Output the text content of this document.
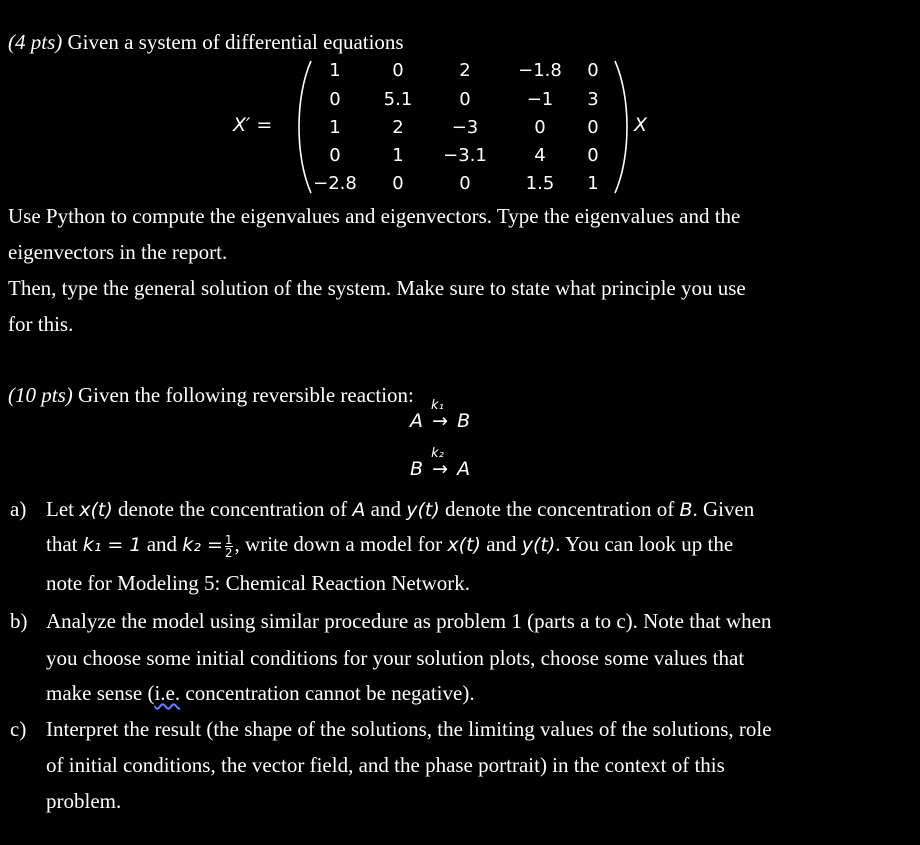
(4 pts) Given a system of differential equations
X′ =
1	0	2	−1.8	0
0	5.1	0	−1	3
1	2	−3	0	0
0	1	−3.1	4	0
−2.8	0	0	1.5	1
X
Use Python to compute the eigenvalues and eigenvectors. Type the eigenvalues and the
eigenvectors in the report.
Then, type the general solution of the system. Make sure to state what principle you use
for this.
(10 pts) Given the following reversible reaction:
A
k₁
→ B
B
k₂
→ A
a) Let x(t) denote the concentration of A and y(t) denote the concentration of B. Given
that k₁ = 1 and $k_2 = \frac{1}{2}$ , write down a model for x(t) and y(t). You can look up the
note for Modeling 5: Chemical Reaction Network.
b) Analyze the model using similar procedure as problem 1 (parts a to c). Note that when
you choose some initial conditions for your solution plots, choose some values that
make sense (i.e. concentration cannot be negative).
c) Interpret the result (the shape of the solutions, the limiting values of the solutions, role
of initial conditions, the vector field, and the phase portrait) in the context of this
problem.
